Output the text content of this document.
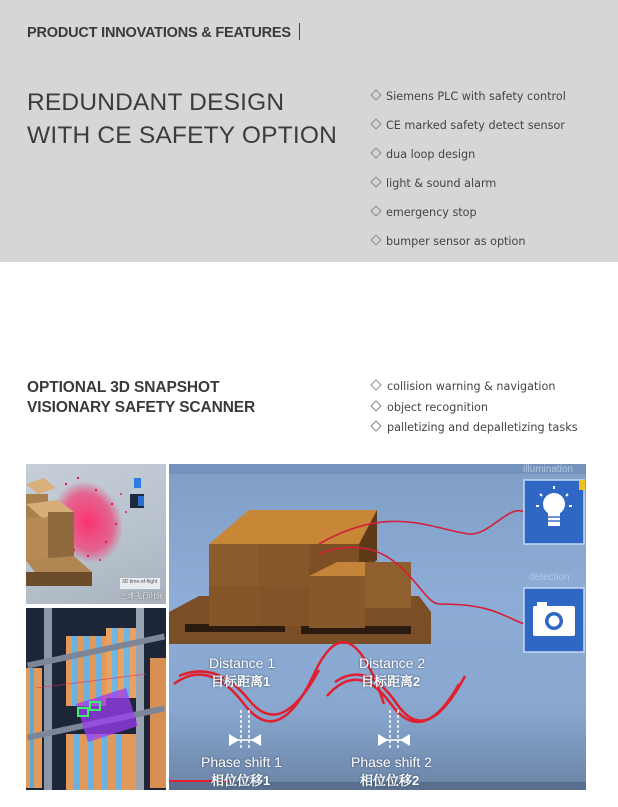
PRODUCT INNOVATIONS & FEATURES
REDUNDANT DESIGN
WITH CE SAFETY OPTION
Siemens PLC with safety control
CE marked safety detect sensor
dua loop design
light & sound alarm
emergency stop
bumper sensor as option
OPTIONAL 3D SNAPSHOT
VISIONARY SAFETY SCANNER
collision warning & navigation
object recognition
palletizing and depalletizing tasks
3D time-of-flight
三维飞行时间
illumination
detection
Distance 1
目标距离1
Distance 2
目标距离2
Phase shift 1
相位位移1
Phase shift 2
相位位移2
